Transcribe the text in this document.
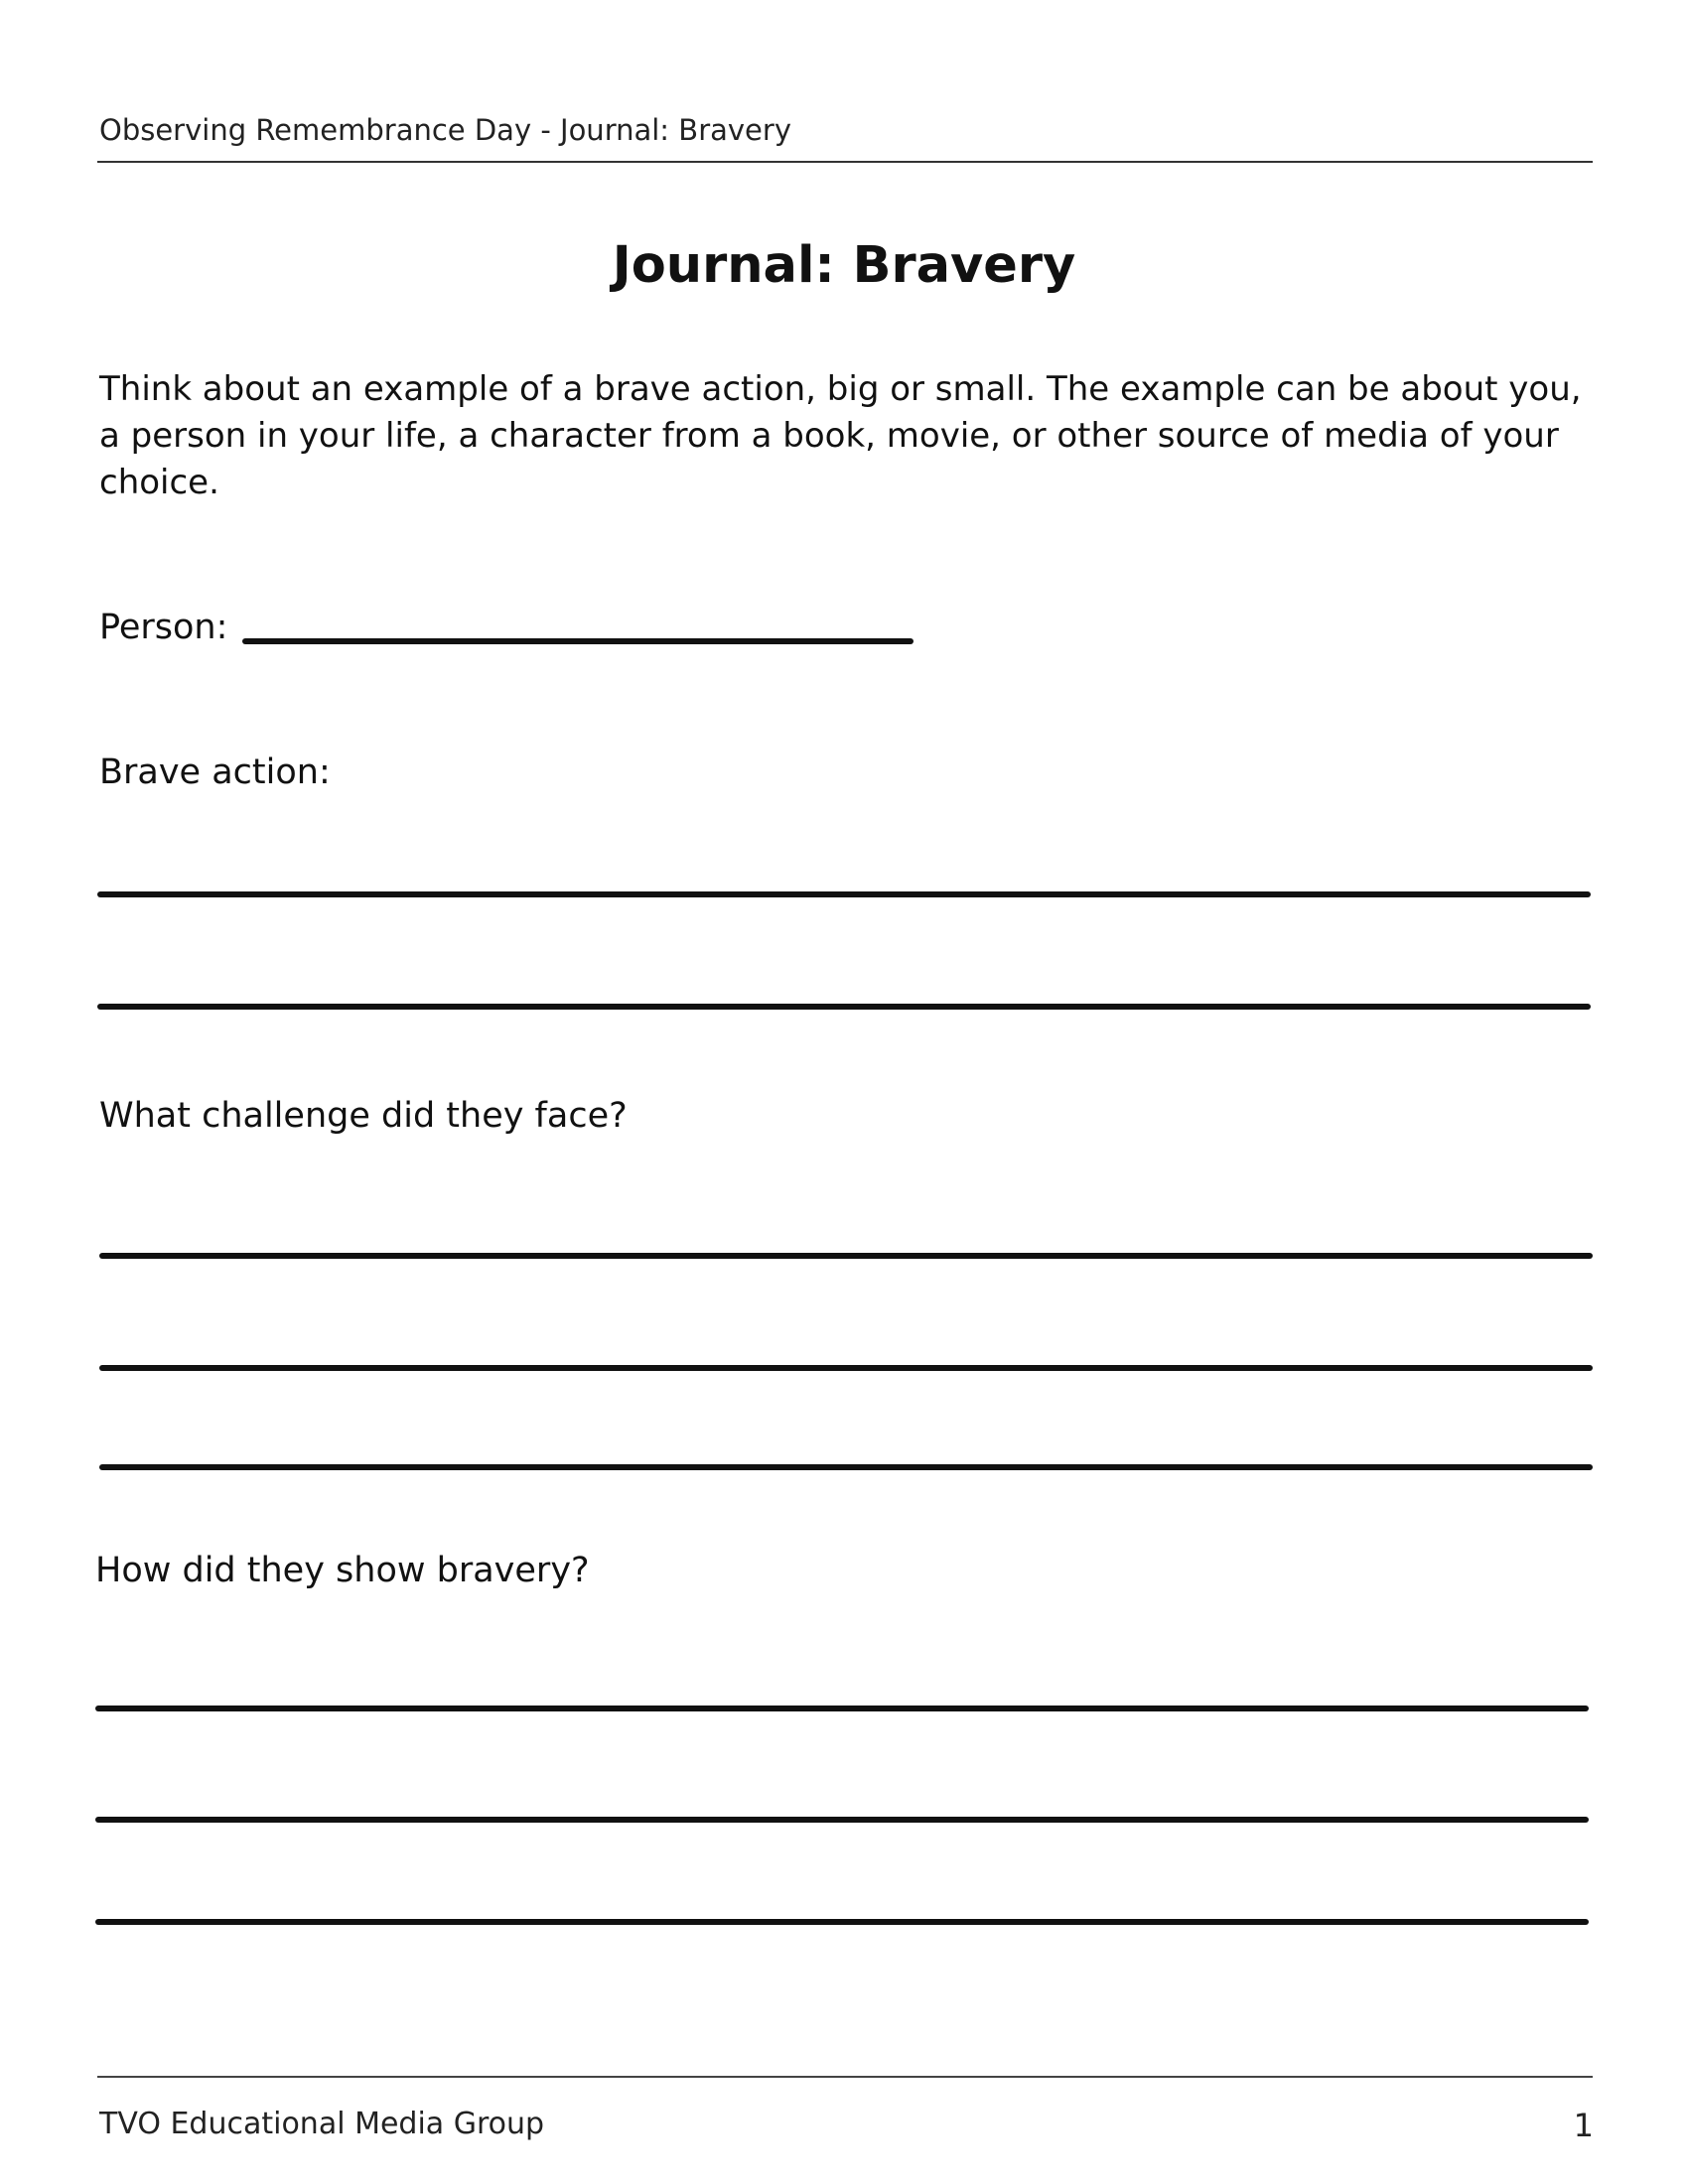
Observing Remembrance Day - Journal: Bravery
Journal: Bravery
Think about an example of a brave action, big or small. The example can be about you, a person in your life, a character from a book, movie, or other source of media of your choice.
Person:
Brave action:
What challenge did they face?
How did they show bravery?
TVO Educational Media Group	1
